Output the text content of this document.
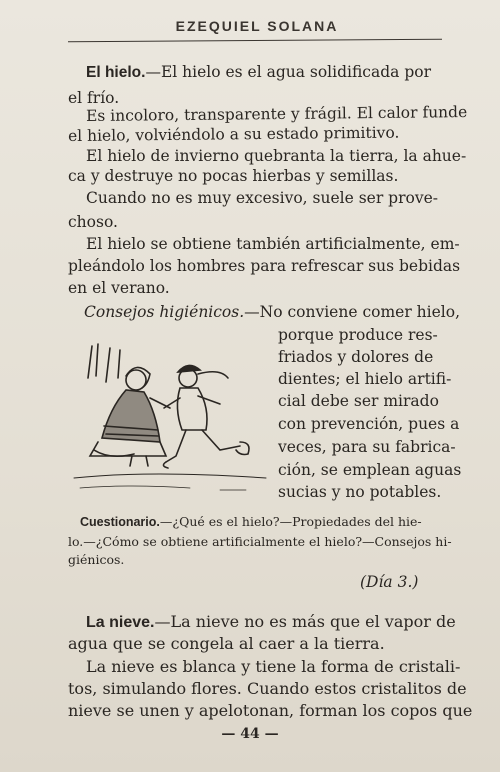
EZEQUIEL SOLANA
El hielo.—El hielo es el agua solidificada por
el frío.
Es incoloro, transparente y frágil. El calor funde
el hielo, volviéndolo a su estado primitivo.
El hielo de invierno quebranta la tierra, la ahue-
ca y destruye no pocas hierbas y semillas.
Cuando no es muy excesivo, suele ser prove-
choso.
El hielo se obtiene también artificialmente, em-
pleándolo los hombres para refrescar sus bebidas
en el verano.
Consejos higiénicos.—No conviene comer hielo,
porque produce res-
friados y dolores de
dientes; el hielo artifi-
cial debe ser mirado
con prevención, pues a
veces, para su fabrica-
ción, se emplean aguas
sucias y no potables.
Cuestionario.—¿Qué es el hielo?—Propiedades del hie-
lo.—¿Cómo se obtiene artificialmente el hielo?—Consejos hi-
giénicos.
(Día 3.)
La nieve.—La nieve no es más que el vapor de
agua que se congela al caer a la tierra.
La nieve es blanca y tiene la forma de cristali-
tos, simulando flores. Cuando estos cristalitos de
nieve se unen y apelotonan, forman los copos que
— 44 —
